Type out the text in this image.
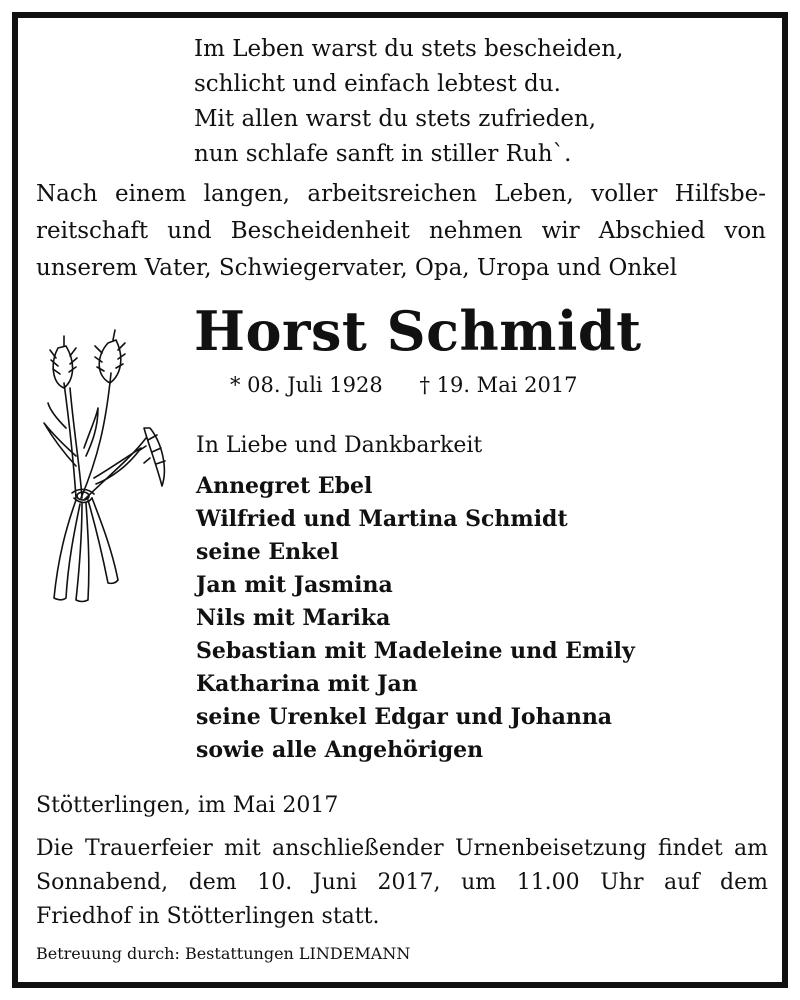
Im Leben warst du stets bescheiden,
schlicht und einfach lebtest du.
Mit allen warst du stets zufrieden,
nun schlafe sanft in stiller Ruh`.
Nach einem langen, arbeitsreichen Leben, voller Hilfsbe-
reitschaft und Bescheidenheit nehmen wir Abschied von
unserem Vater, Schwiegervater, Opa, Uropa und Onkel
Horst Schmidt
* 08. Juli 1928 † 19. Mai 2017
In Liebe und Dankbarkeit
Annegret Ebel
Wilfried und Martina Schmidt
seine Enkel
Jan mit Jasmina
Nils mit Marika
Sebastian mit Madeleine und Emily
Katharina mit Jan
seine Urenkel Edgar und Johanna
sowie alle Angehörigen
Stötterlingen, im Mai 2017
Die Trauerfeier mit anschließender Urnenbeisetzung findet am
Sonnabend, dem 10. Juni 2017, um 11.00 Uhr auf dem
Friedhof in Stötterlingen statt.
Betreuung durch: Bestattungen LINDEMANN
